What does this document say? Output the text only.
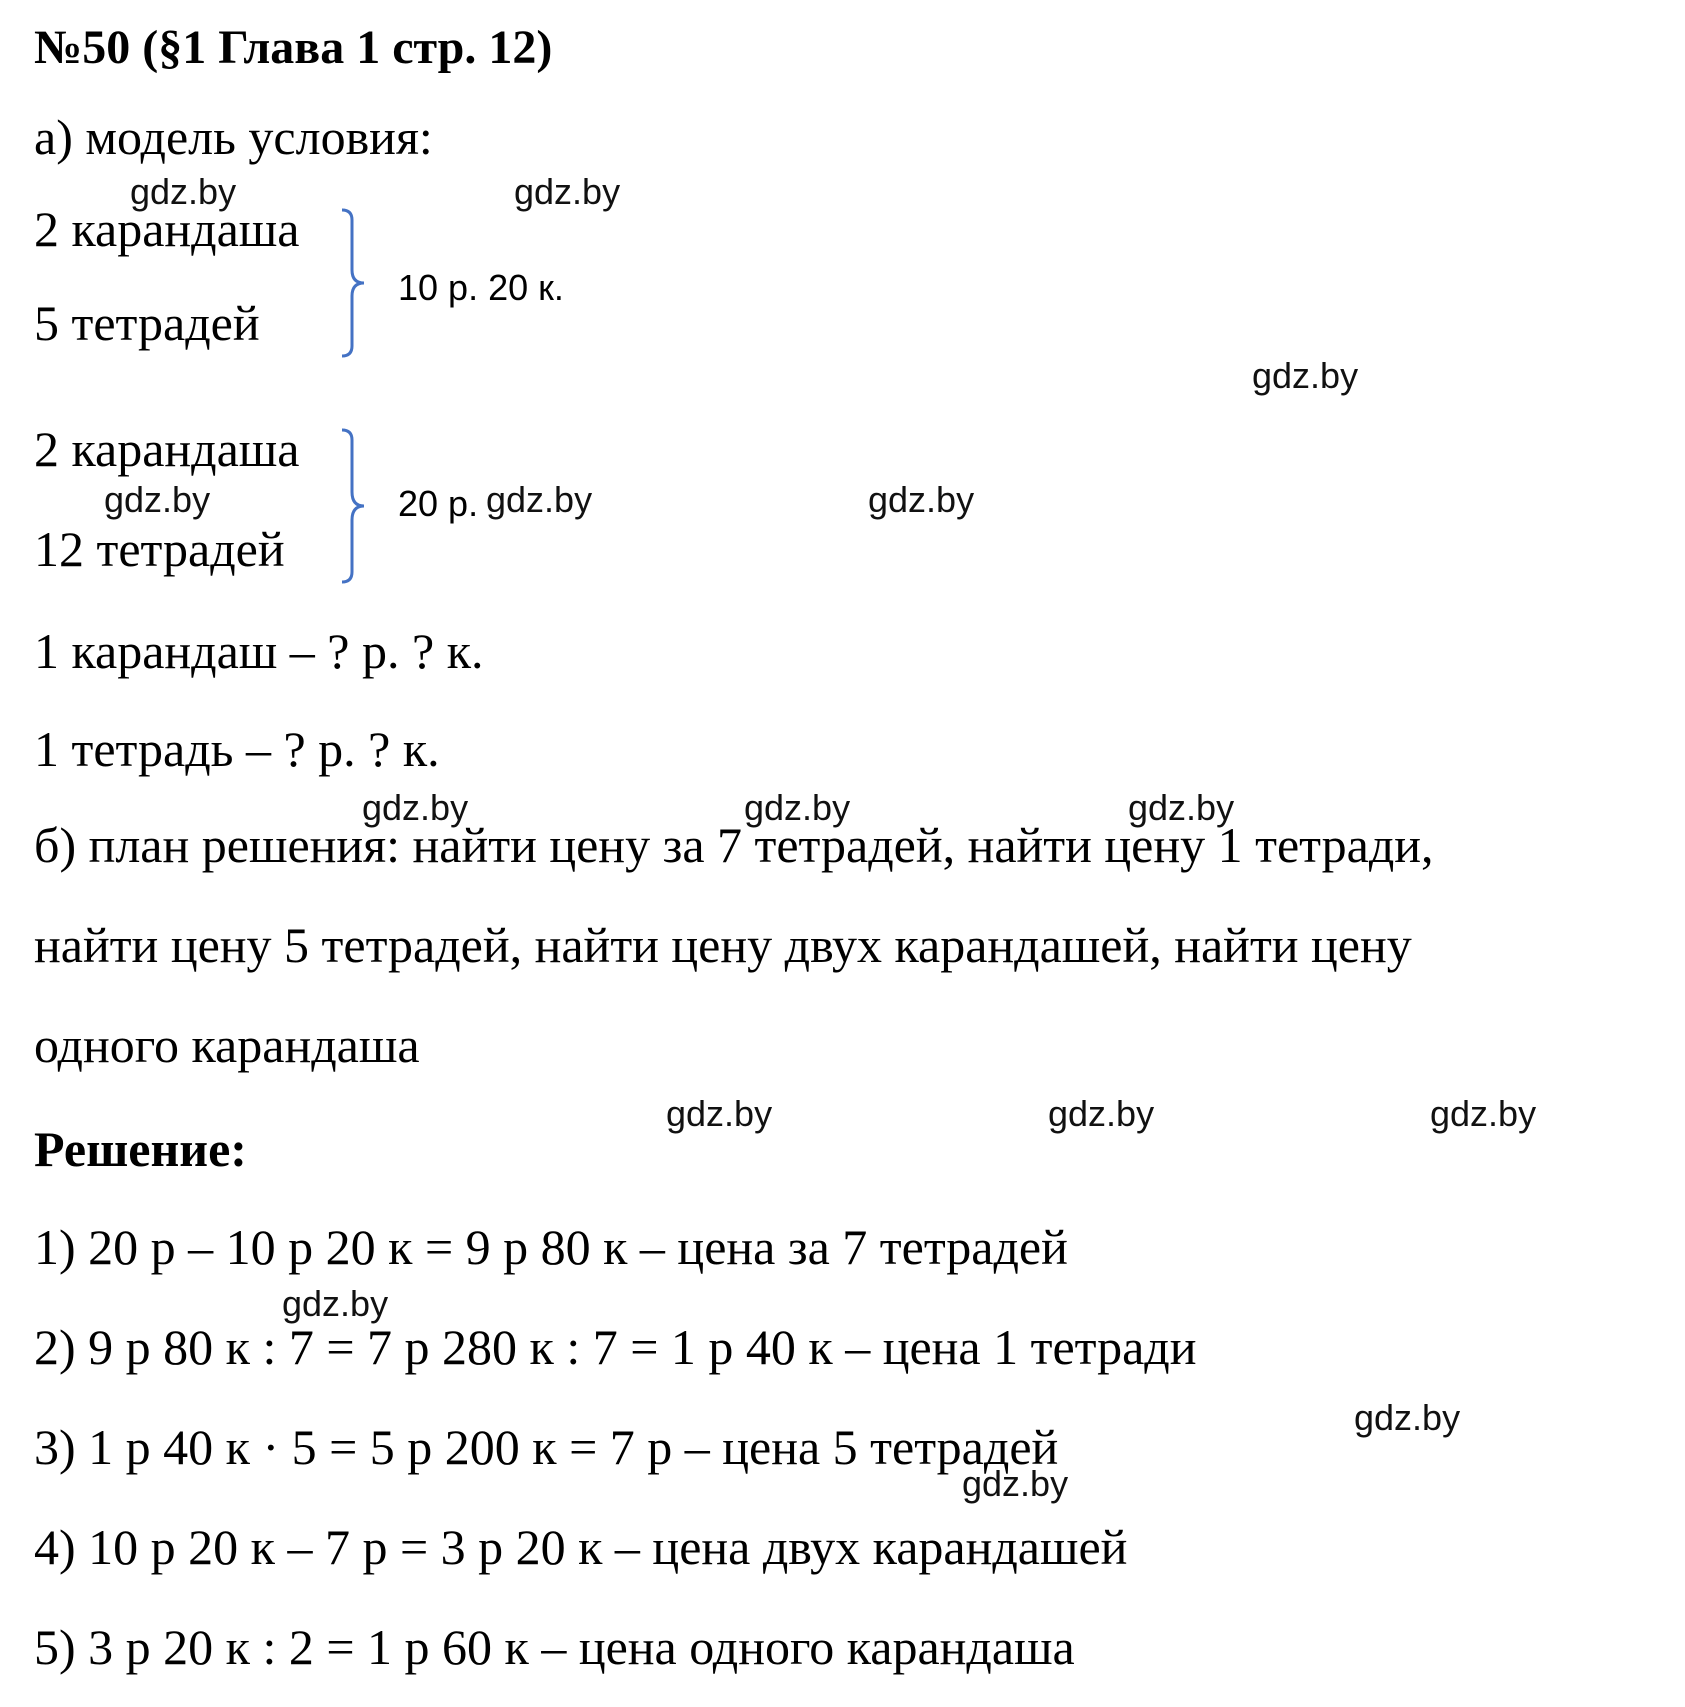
№50 (§1 Глава 1 стр. 12)
а) модель условия:
2 карандаша
5 тетрадей
10 р. 20 к.
2 карандаша
12 тетрадей
20 р.
1 карандаш – ? р. ? к.
1 тетрадь – ? р. ? к.
б) план решения: найти цену за 7 тетрадей, найти цену 1 тетради,
найти цену 5 тетрадей, найти цену двух карандашей, найти цену
одного карандаша
Решение:
1) 20 р – 10 р 20 к = 9 р 80 к – цена за 7 тетрадей
2) 9 р 80 к : 7 = 7 р 280 к : 7 = 1 р 40 к – цена 1 тетради
3) 1 р 40 к · 5 = 5 р 200 к = 7 р – цена 5 тетрадей
4) 10 р 20 к – 7 р = 3 р 20 к – цена двух карандашей
5) 3 р 20 к : 2 = 1 р 60 к – цена одного карандаша
gdz.by	gdz.by
gdz.by
gdz.by	gdz.by	gdz.by
gdz.by	gdz.by	gdz.by
gdz.by	gdz.by	gdz.by
gdz.by
gdz.by
gdz.by
